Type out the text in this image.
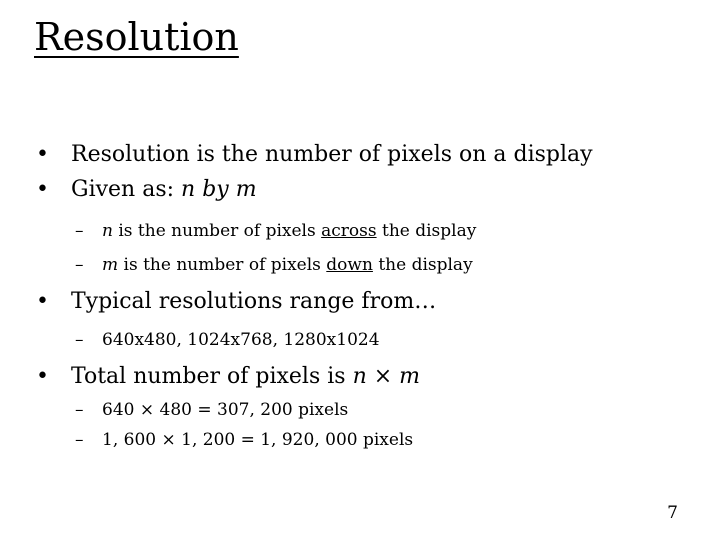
Resolution
• Resolution is the number of pixels on a display
• Given as: n by m
– n is the number of pixels across the display
– m is the number of pixels down the display
• Typical resolutions range from…
– 640x480, 1024x768, 1280x1024
• Total number of pixels is n × m
– 640 × 480 = 307, 200 pixels
– 1, 600 × 1, 200 = 1, 920, 000 pixels
7
